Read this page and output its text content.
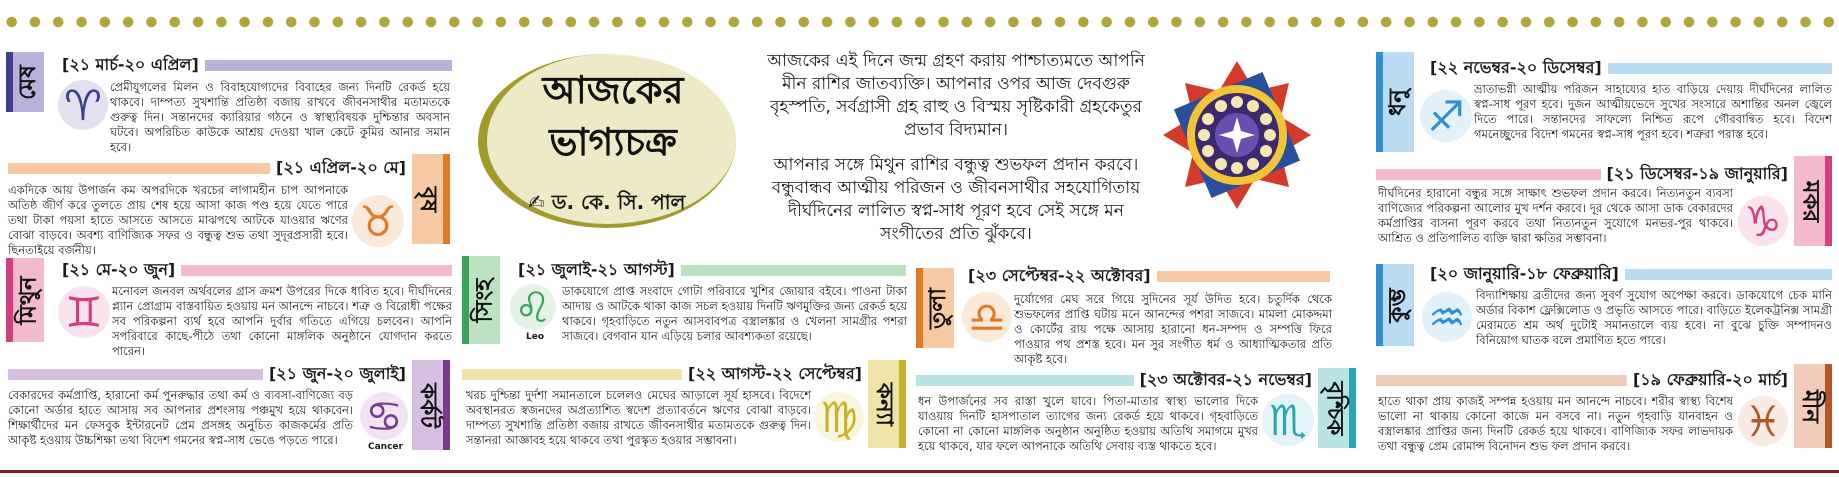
মেষ
[২১ মার্চ-২০ এপ্রিল]
♈ প্রেমীযুগলের মিলন ও বিবাহযোগ্যদের বিবাহের জন্য দিনটি রেকর্ড হয়ে থাকবে। দাম্পত্য সুখশান্তি প্রতিষ্ঠা বজায় রাখবে জীবনসাথীর মতামতকে গুরুত্ব দিন। সন্তানদের ক্যারিয়ার গঠনে ও স্বাস্থ্যবিষয়ক দুশ্চিন্তার অবসান ঘটবে। অপরিচিত কাউকে আশ্রয় দেওয়া খাল কেটে কুমির আনার সমান হবে।
বৃষ
[২১ এপ্রিল-২০ মে]
একদিকে আয় উপার্জন কম অপরদিকে খরচের লাগামহীন চাপ আপনাকে অতিষ্ঠ জীর্ণ করে তুলতে প্রায় শেষ হয়ে আসা কাজ পণ্ড হয়ে যেতে পারে তথা টাকা পয়সা হাতে আসতে আসতে মাঝপথে আটকে যাওয়ার ঋণের বোঝা বাড়বে। অবশ্য বাণিজ্যিক সফর ও বন্ধুত্ব শুভ তথা সুদূরপ্রসারী হবে। ছিনতাইয়ে বর্জনীয়।
♉
মিথুন
[২১ মে-২০ জুন]
♊ মনোবল জনবল অর্থবলের গ্রাস ক্রমশ উপরের দিকে ধাবিত হবে। দীর্ঘদিনের প্ল্যান প্রোগ্রাম বাস্তবায়িত হওয়ায় মন আনন্দে নাচবে। শত্রু ও বিরোধী পক্ষের সব পরিকল্পনা ব্যর্থ হবে আপনি দুর্বার গতিতে এগিয়ে চলবেন। আপনি সপরিবারে কাছে-পীঠে তথা কোনো মাঙ্গলিক অনুষ্ঠানে যোগদান করতে পারেন।
কর্কট
[২১ জুন-২০ জুলাই]
বেকারদের কর্মপ্রাপ্তি, হারানো কর্ম পুনরুদ্ধার তথা কর্ম ও ব্যবসা-বাণিজ্যে বড় কোনো অর্ডার হাতে আসায় সব আপনার প্রশংসায় পঞ্চমুখ হয়ে থাকবেন। শিক্ষার্থীদের মন ফেসবুক ইন্টারনেট প্রেম প্রসঙ্গহ অনুচিত কাজকর্মের প্রতি আকৃষ্ট হওয়ায় উচ্চশিক্ষা তথা বিদেশ গমনের স্বপ্ন-সাধ ভেঙে পড়তে পারে। ♋
Cancer
আজকের ভাগ্যচক্র
✍ ড. কে. সি. পাল
আজকের এই দিনে জন্ম গ্রহণ করায় পাশ্চাত্যমতে আপনি মীন রাশির জাতব্যক্তি। আপনার ওপর আজ দেবগুরু বৃহস্পতি, সর্বগ্রাসী গ্রহ রাহু ও বিস্ময় সৃষ্টিকারী গ্রহকেতুর প্রভাব বিদ্যমান।
আপনার সঙ্গে মিথুন রাশির বন্ধুত্ব শুভফল প্রদান করবে। বন্ধুবান্ধব আত্মীয় পরিজন ও জীবনসাথীর সহযোগিতায় দীর্ঘদিনের লালিত স্বপ্ন-সাধ পূরণ হবে সেই সঙ্গে মন সংগীতের প্রতি ঝুঁকবে।
সিংহ
[২১ জুলাই-২১ আগস্ট]
♌
Leo
ডাকযোগে প্রাপ্ত সংবাদে গোটা পরিবারে খুশির জোয়ার বইবে। পাওনা টাকা আদায় ও আটকে থাকা কাজ সচল হওয়ায় দিনটি ঋণমুক্তির জন্য রেকর্ড হয়ে থাকবে। গৃহবাড়িতে নতুন আসবাবপত্র বস্ত্রালঙ্কার ও খেলনা সামগ্রীর পশরা সাজবে। বেগবান যান এড়িয়ে চলার আবশ্যকতা রয়েছে।
কন্যা
[২২ আগস্ট-২২ সেপ্টেম্বর]
খরচ দুশ্চিন্তা দুর্দশা সমানতালে চলেলও মেঘের আড়ালে সূর্য হাসবে। বিদেশে অবস্থানরত স্বজনদের অপ্রত্যাশিত স্বদেশ প্রত্যাবর্তনে ঋণের বোঝা বাড়বে। দাম্পত্য সুখশান্তি প্রতিষ্ঠা বজায় রাখতে জীবনসাথীর মতামতকে গুরুত্ব দিন। সন্তানরা আজ্ঞাবহ হয়ে থাকবে তথা পুরস্কৃত হওয়ার সম্ভাবনা।	♍
তুলা
[২৩ সেপ্টেম্বর-২২ অক্টোবর]
♎ দুর্যোগের মেঘ সরে গিয়ে সুদিনের সূর্য উদিত হবে। চতুর্দিক থেকে শুভফলের প্রাপ্তি ঘটায় মনে আনন্দের পশরা সাজবে। মামলা মোকদ্দমা ও কোর্টের রায় পক্ষে আসায় হারানো ধন-সম্পদ ও সম্পত্তি ফিরে পাওয়ার পথ প্রশস্ত হবে। মন সুর সংগীত ধর্ম ও আধ্যাত্মিকতার প্রতি আকৃষ্ট হবে।
বৃশ্চিক
[২৩ অক্টোবর-২১ নভেম্বর]
ধন উপার্জনের সব রাস্তা খুলে যাবে। পিতা-মাতার স্বাস্থ্য ভালোর দিকে যাওয়ায় দিনটি হাসপাতাল ত্যাগের জন্য রেকর্ড হয়ে থাকবে। গৃহবাড়িতে কোনো না কোনো মাঙ্গলিক অনুষ্ঠান অনুষ্ঠিত হওয়ায় অতিথি সমাগমে মুখর হয়ে থাকবে, যার ফলে আপনাকে অতিথি সেবায় ব্যস্ত থাকতে হবে।
♏
ধনু
[২২ নভেম্বর-২০ ডিসেম্বর]
♐
ভ্রাতাভগ্নী আত্মীয় পরিজন সাহায্যের হাত বাড়িয়ে দেয়ায় দীর্ঘদিনের লালিত স্বপ্ন-সাধ পূরণ হবে। দুজন আত্মীয়ভেদে সুখের সংসারে অশান্তির অনল জ্বেলে দিতে পারে। সন্তানদের সাফল্যে নিশ্চিত রূপে গৌরবান্বিত হবে। বিদেশ গমনেচ্ছুদের বিদেশ গমনের স্বপ্ন-সাধ পূরণ হবে। শত্রুরা পরাস্ত হবে।
মকর
[২১ ডিসেম্বর-১৯ জানুয়ারি]
দীর্ঘদিনের হারানো বন্ধুর সঙ্গে সাক্ষাৎ শুভফল প্রদান করবে। নিত্যনতুন ব্যবসা বাণিজ্যের পরিকল্পনা আলোর মুখ দর্শন করবে। দূর থেকে আসা ডাক বেকারদের কর্মপ্রাপ্তির বাসনা পূরণ করবে তথা নিত্যনতুন সুযোগে মনভর-পুর থাকবে। আশ্রিত ও প্রতিপালিত ব্যক্তি দ্বারা ক্ষতির সম্ভাবনা।	♑
কুম্ভ
[২০ জানুয়ারি-১৮ ফেব্রুয়ারি]
♒ বিদ্যাশিক্ষায় ব্রতীদের জন্য সুবর্ণ সুযোগ অপেক্ষা করবে। ডাকযোগে চেক মানি অর্ডার বিকাশ ফ্লেক্সিলোড ও প্রভৃতি আসতে পারে। বাড়িতে ইলেকট্রনিক্স সামগ্রী মেরামতে শ্রম অর্থ দুটোই সমানতালে ব্যয় হবে। না বুঝে চুক্তি সম্পাদনও বিনিয়োগ ঘাতক বলে প্রমাণিত হতে পারে।
মীন
[১৯ ফেব্রুয়ারি-২০ মার্চ]
হাতে থাকা প্রায় কাজই সম্পন্ন হওয়ায় মন আনন্দে নাচবে। শরীর স্বাস্থ্য বিশেষ ভালো না থাকায় কোনো কাজে মন বসবে না। নতুন গৃহবাড়ি যানবাহন ও বস্ত্রালঙ্কার প্রাপ্তির জন্য দিনটি রেকর্ড হয়ে থাকবে। বাণিজ্যিক সফর লাভদায়ক তথা বন্ধুত্ব প্রেম রোমান্স বিনোদন শুভ ফল প্রদান করবে।
♓
